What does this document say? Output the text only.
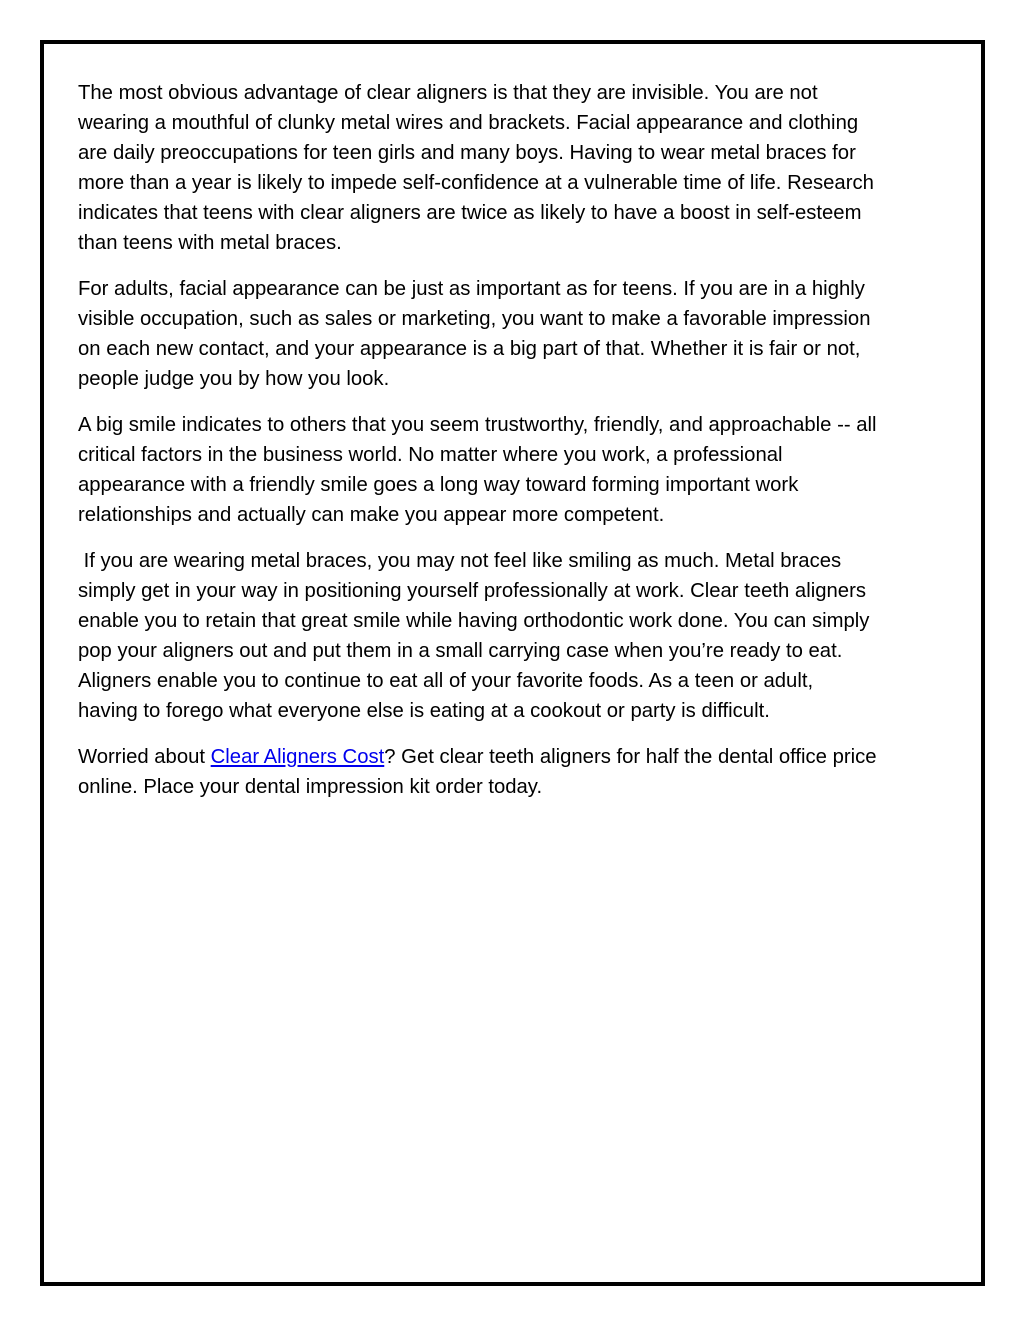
The most obvious advantage of clear aligners is that they are invisible. You are not wearing a mouthful of clunky metal wires and brackets. Facial appearance and clothing are daily preoccupations for teen girls and many boys. Having to wear metal braces for more than a year is likely to impede self-confidence at a vulnerable time of life. Research indicates that teens with clear aligners are twice as likely to have a boost in self-esteem than teens with metal braces.

For adults, facial appearance can be just as important as for teens. If you are in a highly visible occupation, such as sales or marketing, you want to make a favorable impression on each new contact, and your appearance is a big part of that. Whether it is fair or not, people judge you by how you look.

A big smile indicates to others that you seem trustworthy, friendly, and approachable -- all critical factors in the business world. No matter where you work, a professional appearance with a friendly smile goes a long way toward forming important work relationships and actually can make you appear more competent.

If you are wearing metal braces, you may not feel like smiling as much. Metal braces simply get in your way in positioning yourself professionally at work. Clear teeth aligners enable you to retain that great smile while having orthodontic work done. You can simply pop your aligners out and put them in a small carrying case when you’re ready to eat. Aligners enable you to continue to eat all of your favorite foods. As a teen or adult, having to forego what everyone else is eating at a cookout or party is difficult.

Worried about Clear Aligners Cost? Get clear teeth aligners for half the dental office price online. Place your dental impression kit order today.
